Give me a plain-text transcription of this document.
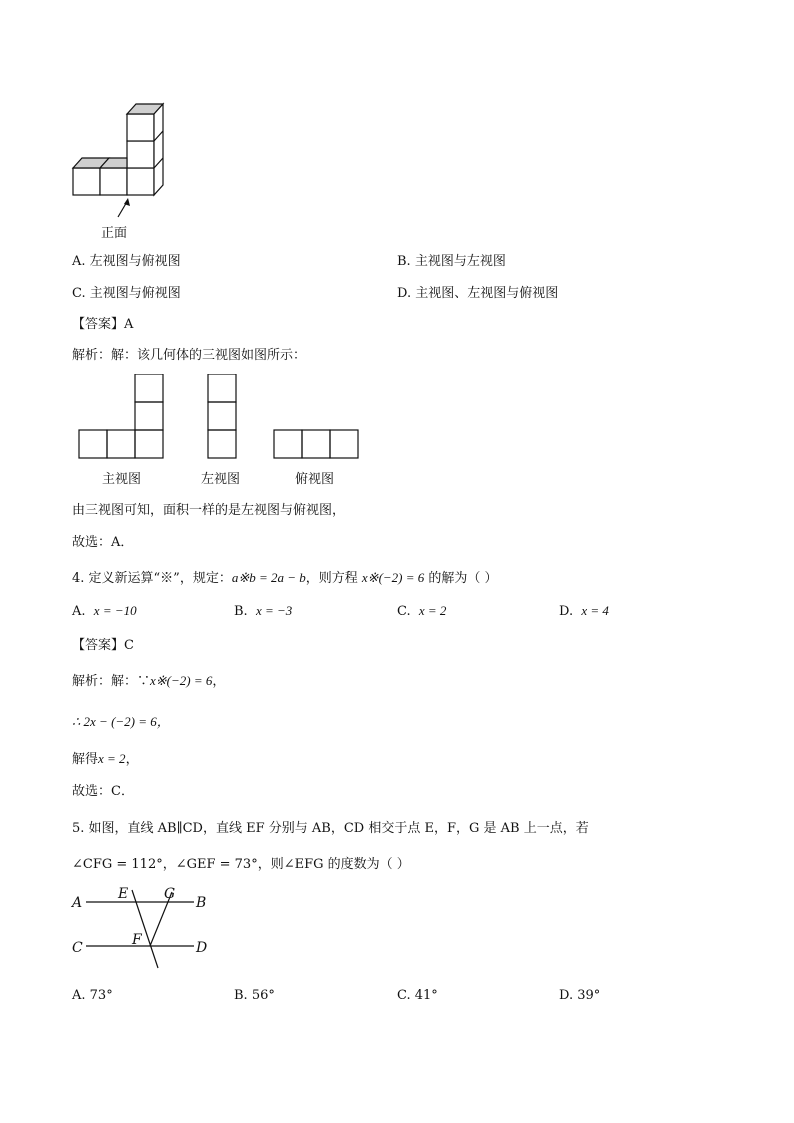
正面
A. 左视图与俯视图	B. 主视图与左视图
C. 主视图与俯视图	D. 主视图、左视图与俯视图
【答案】A
解析：解：该几何体的三视图如图所示：
主视图	左视图	俯视图
由三视图可知，面积一样的是左视图与俯视图，
故选：A．
4. 定义新运算“※”，规定：a※b = 2a − b，则方程 x※(−2) = 6 的解为（ ）
A. x = −10	B. x = −3	C. x = 2	D. x = 4
【答案】C
解析：解：∵x※(−2) = 6，
∴ 2x − (−2) = 6，
解得x = 2，
故选：C．
5. 如图，直线 AB∥CD，直线 EF 分别与 AB，CD 相交于点 E，F，G 是 AB 上一点，若
∠CFG = 112°，∠GEF = 73°，则∠EFG 的度数为（ ）
A	B
C	D
E	G
F
A. 73°	B. 56°	C. 41°	D. 39°
